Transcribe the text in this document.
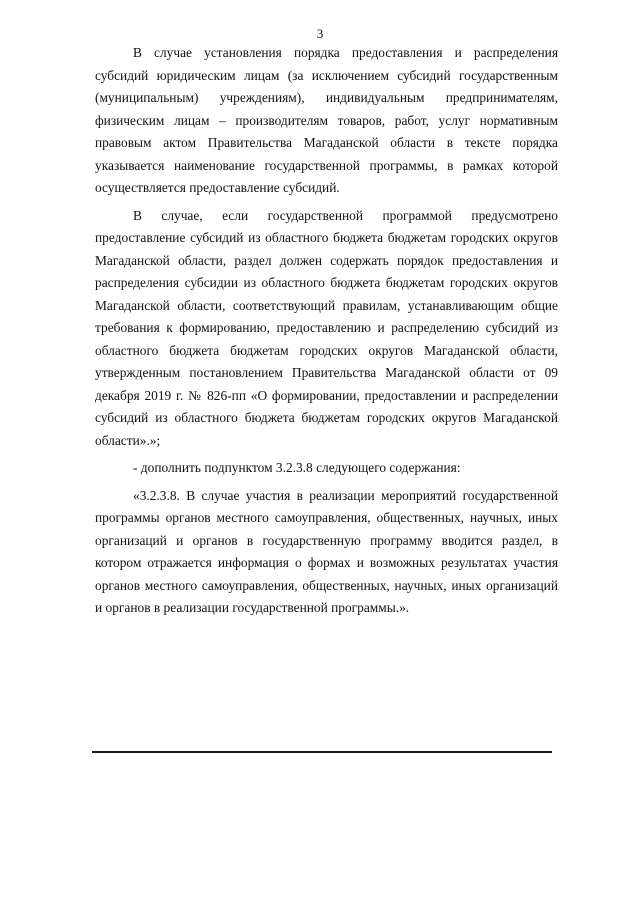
3

В случае установления порядка предоставления и распределения субсидий юридическим лицам (за исключением субсидий государственным (муниципальным) учреждениям), индивидуальным предпринимателям, физическим лицам – производителям товаров, работ, услуг нормативным правовым актом Правительства Магаданской области в тексте порядка указывается наименование государственной программы, в рамках которой осуществляется предоставление субсидий.

В случае, если государственной программой предусмотрено предоставление субсидий из областного бюджета бюджетам городских округов Магаданской области, раздел должен содержать порядок предоставления и распределения субсидии из областного бюджета бюджетам городских округов Магаданской области, соответствующий правилам, устанавливающим общие требования к формированию, предоставлению и распределению субсидий из областного бюджета бюджетам городских округов Магаданской области, утвержденным постановлением Правительства Магаданской области от 09 декабря 2019 г. № 826-пп «О формировании, предоставлении и распределении субсидий из областного бюджета бюджетам городских округов Магаданской области».»;

- дополнить подпунктом 3.2.3.8 следующего содержания:

«3.2.3.8. В случае участия в реализации мероприятий государственной программы органов местного самоуправления, общественных, научных, иных организаций и органов в государственную программу вводится раздел, в котором отражается информация о формах и возможных результатах участия органов местного самоуправления, общественных, научных, иных организаций и органов в реализации государственной программы.».
